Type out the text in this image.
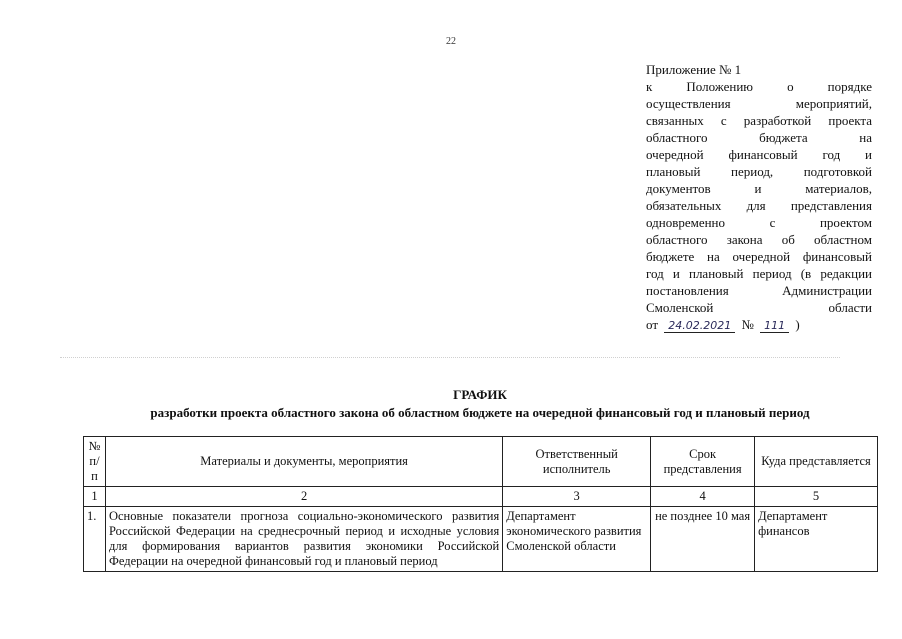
22
Приложение № 1
к Положению о порядке
осуществления мероприятий,
связанных с разработкой проекта
областного бюджета на
очередной финансовый год и
плановый период, подготовкой
документов и материалов,
обязательных для представления
одновременно с проектом
областного закона об областном
бюджете на очередной финансовый
год и плановый период (в редакции
постановления Администрации
Смоленской области
от 24.02.2021 № 111 )
ГРАФИК
разработки проекта областного закона об областном бюджете на очередной финансовый год и плановый период
№ п/п	Материалы и документы, мероприятия	Ответственный исполнитель	Срок представления	Куда представляется
1	2	3	4	5
1.	Основные показатели прогноза социально-экономического развития Российской Федерации на среднесрочный период и исходные условия для формирования вариантов развития экономики Российской Федерации на очередной финансовый год и плановый период	Департамент экономического развития Смоленской области	не позднее 10 мая	Департамент финансов
